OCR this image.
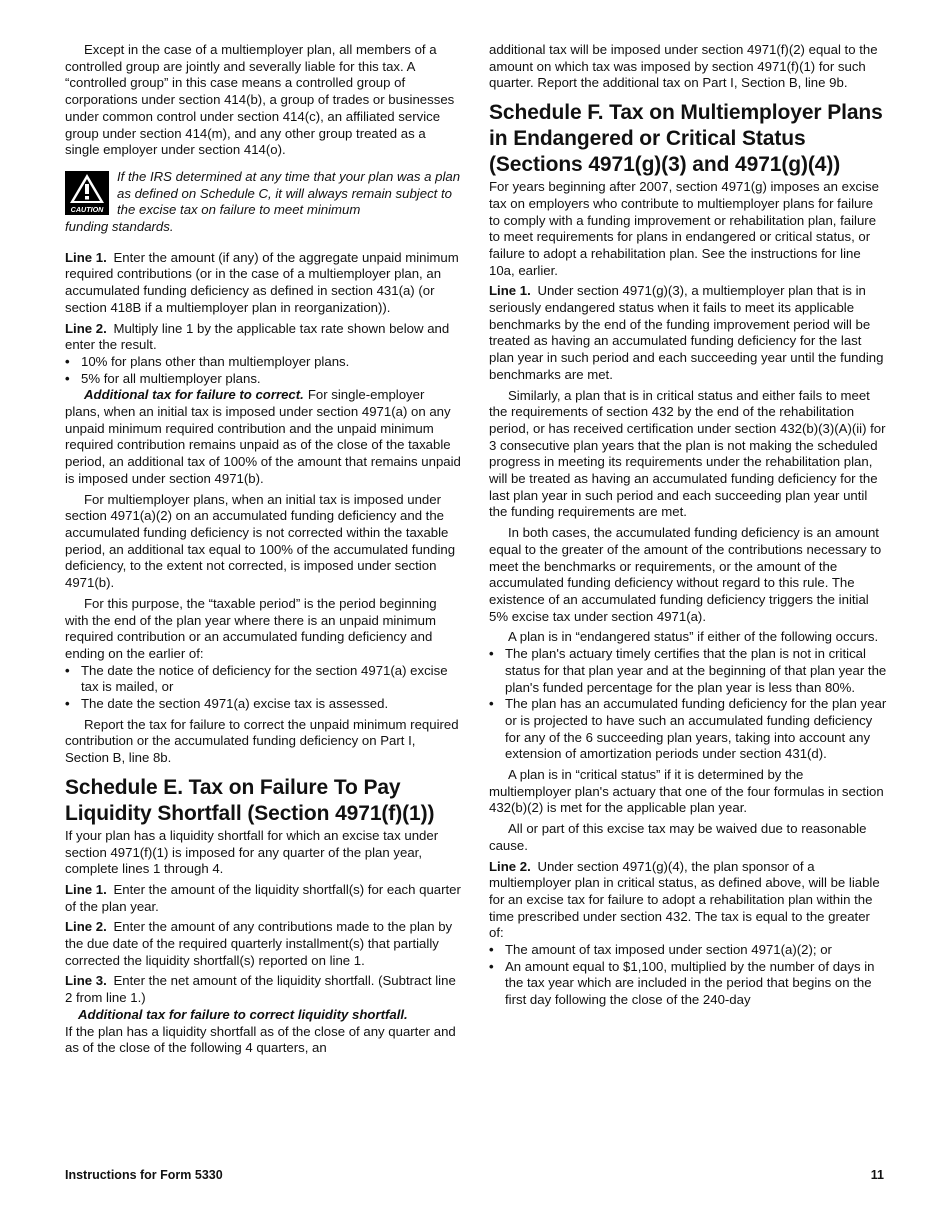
Except in the case of a multiemployer plan, all members of a controlled group are jointly and severally liable for this tax. A “controlled group” in this case means a controlled group of corporations under section 414(b), a group of trades or businesses under common control under section 414(c), an affiliated service group under section 414(m), and any other group treated as a single employer under section 414(o).

CAUTION
If the IRS determined at any time that your plan was a plan as defined on Schedule C, it will always remain subject to the excise tax on failure to meet minimum
funding standards.

Line 1. Enter the amount (if any) of the aggregate unpaid minimum required contributions (or in the case of a multiemployer plan, an accumulated funding deficiency as defined in section 431(a) (or section 418B if a multiemployer plan in reorganization)).

Line 2. Multiply line 1 by the applicable tax rate shown below and enter the result.

• 10% for plans other than multiemployer plans.
• 5% for all multiemployer plans.

Additional tax for failure to correct. For single-employer plans, when an initial tax is imposed under section 4971(a) on any unpaid minimum required contribution and the unpaid minimum required contribution remains unpaid as of the close of the taxable period, an additional tax of 100% of the amount that remains unpaid is imposed under section 4971(b).

For multiemployer plans, when an initial tax is imposed under section 4971(a)(2) on an accumulated funding deficiency and the accumulated funding deficiency is not corrected within the taxable period, an additional tax equal to 100% of the accumulated funding deficiency, to the extent not corrected, is imposed under section 4971(b).

For this purpose, the “taxable period” is the period beginning with the end of the plan year where there is an unpaid minimum required contribution or an accumulated funding deficiency and ending on the earlier of:

• The date the notice of deficiency for the section 4971(a) excise tax is mailed, or
• The date the section 4971(a) excise tax is assessed.

Report the tax for failure to correct the unpaid minimum required contribution or the accumulated funding deficiency on Part I, Section B, line 8b.

Schedule E. Tax on Failure To Pay Liquidity Shortfall (Section 4971(f)(1))

If your plan has a liquidity shortfall for which an excise tax under section 4971(f)(1) is imposed for any quarter of the plan year, complete lines 1 through 4.

Line 1. Enter the amount of the liquidity shortfall(s) for each quarter of the plan year.

Line 2. Enter the amount of any contributions made to the plan by the due date of the required quarterly installment(s) that partially corrected the liquidity shortfall(s) reported on line 1.

Line 3. Enter the net amount of the liquidity shortfall. (Subtract line 2 from line 1.)

Additional tax for failure to correct liquidity shortfall.

If the plan has a liquidity shortfall as of the close of any quarter and as of the close of the following 4 quarters, an

additional tax will be imposed under section 4971(f)(2) equal to the amount on which tax was imposed by section 4971(f)(1) for such quarter. Report the additional tax on Part I, Section B, line 9b.

Schedule F. Tax on Multiemployer Plans in Endangered or Critical Status (Sections 4971(g)(3) and 4971(g)(4))

For years beginning after 2007, section 4971(g) imposes an excise tax on employers who contribute to multiemployer plans for failure to comply with a funding improvement or rehabilitation plan, failure to meet requirements for plans in endangered or critical status, or failure to adopt a rehabilitation plan. See the instructions for line 10a, earlier.

Line 1. Under section 4971(g)(3), a multiemployer plan that is in seriously endangered status when it fails to meet its applicable benchmarks by the end of the funding improvement period will be treated as having an accumulated funding deficiency for the last plan year in such period and each succeeding year until the funding benchmarks are met.

Similarly, a plan that is in critical status and either fails to meet the requirements of section 432 by the end of the rehabilitation period, or has received certification under section 432(b)(3)(A)(ii) for 3 consecutive plan years that the plan is not making the scheduled progress in meeting its requirements under the rehabilitation plan, will be treated as having an accumulated funding deficiency for the last plan year in such period and each succeeding plan year until the funding requirements are met.

In both cases, the accumulated funding deficiency is an amount equal to the greater of the amount of the contributions necessary to meet the benchmarks or requirements, or the amount of the accumulated funding deficiency without regard to this rule. The existence of an accumulated funding deficiency triggers the initial 5% excise tax under section 4971(a).

A plan is in “endangered status” if either of the following occurs.

• The plan's actuary timely certifies that the plan is not in critical status for that plan year and at the beginning of that plan year the plan's funded percentage for the plan year is less than 80%.
• The plan has an accumulated funding deficiency for the plan year or is projected to have such an accumulated funding deficiency for any of the 6 succeeding plan years, taking into account any extension of amortization periods under section 431(d).

A plan is in “critical status” if it is determined by the multiemployer plan's actuary that one of the four formulas in section 432(b)(2) is met for the applicable plan year.

All or part of this excise tax may be waived due to reasonable cause.

Line 2. Under section 4971(g)(4), the plan sponsor of a multiemployer plan in critical status, as defined above, will be liable for an excise tax for failure to adopt a rehabilitation plan within the time prescribed under section 432. The tax is equal to the greater of:

• The amount of tax imposed under section 4971(a)(2); or
• An amount equal to $1,100, multiplied by the number of days in the tax year which are included in the period that begins on the first day following the close of the 240-day
Instructions for Form 5330	11
